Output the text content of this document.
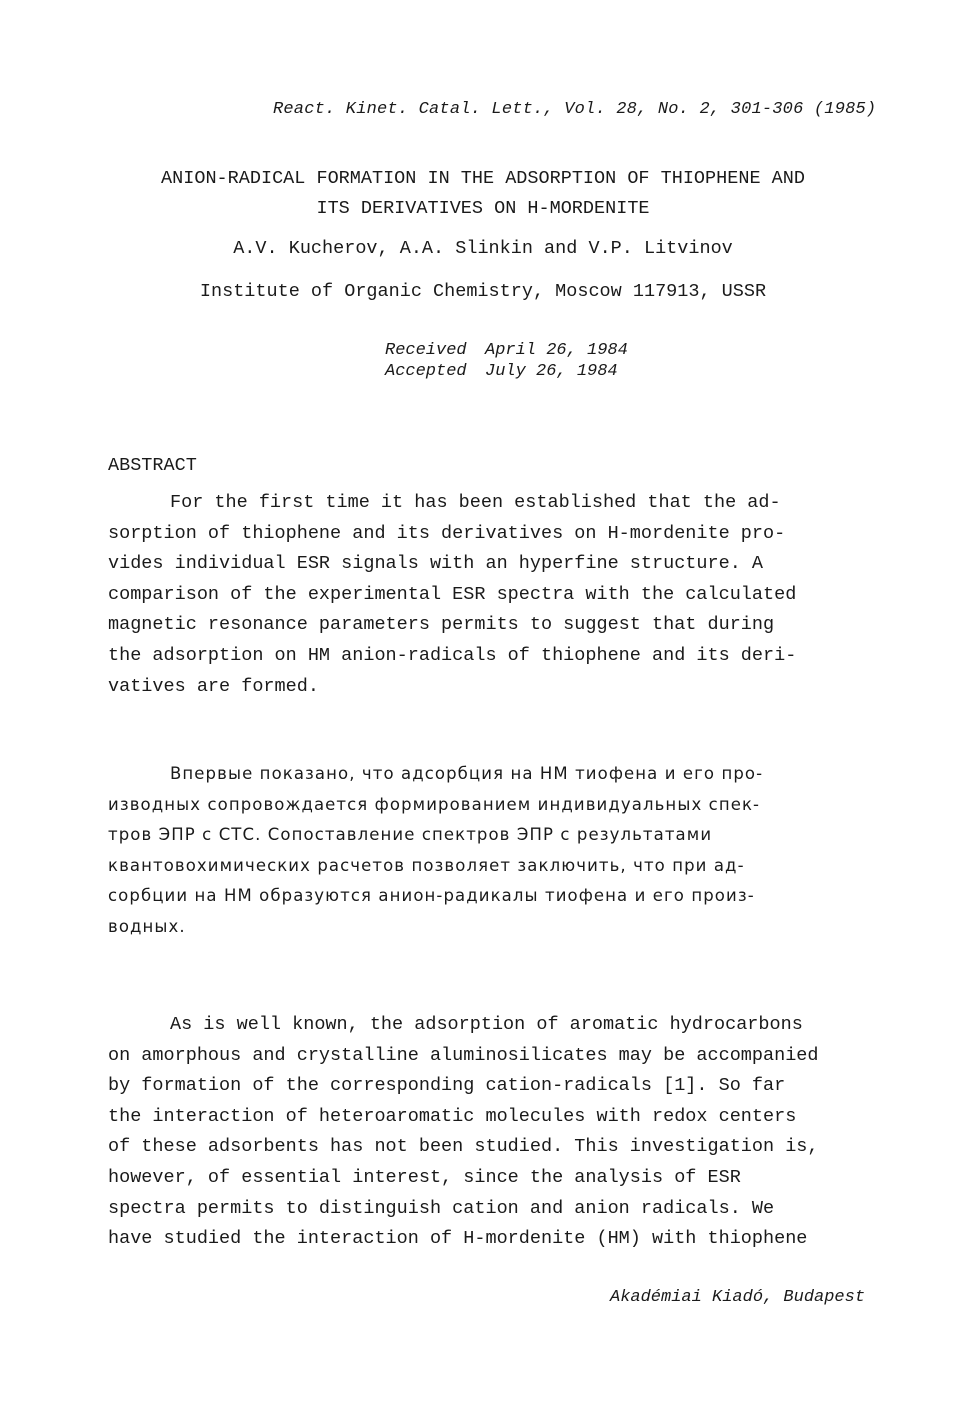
React. Kinet. Catal. Lett., Vol. 28, No. 2, 301-306 (1985)

ANION-RADICAL FORMATION IN THE ADSORPTION OF THIOPHENE AND

ITS DERIVATIVES ON H-MORDENITE

A.V. Kucherov, A.A. Slinkin and V.P. Litvinov

Institute of Organic Chemistry, Moscow 117913, USSR

Received April 26, 1984
Accepted July 26, 1984

ABSTRACT

For the first time it has been established that the ad-
sorption of thiophene and its derivatives on H-mordenite pro-
vides individual ESR signals with an hyperfine structure. A
comparison of the experimental ESR spectra with the calculated
magnetic resonance parameters permits to suggest that during
the adsorption on HM anion-radicals of thiophene and its deri-
vatives are formed.
Впервые показано, что адсорбция на НМ тиофена и его про-
изводных сопровождается формированием индивидуальных спек-
тров ЭПР с СТС. Сопоставление спектров ЭПР с результатами
квантовохимических расчетов позволяет заключить, что при ад-
сорбции на НМ образуются анион-радикалы тиофена и его произ-
водных.
As is well known, the adsorption of aromatic hydrocarbons
on amorphous and crystalline aluminosilicates may be accompanied
by formation of the corresponding cation-radicals [1]. So far
the interaction of heteroaromatic molecules with redox centers
of these adsorbents has not been studied. This investigation is,
however, of essential interest, since the analysis of ESR
spectra permits to distinguish cation and anion radicals. We
have studied the interaction of H-mordenite (HM) with thiophene

Akadémiai Kiadó, Budapest
